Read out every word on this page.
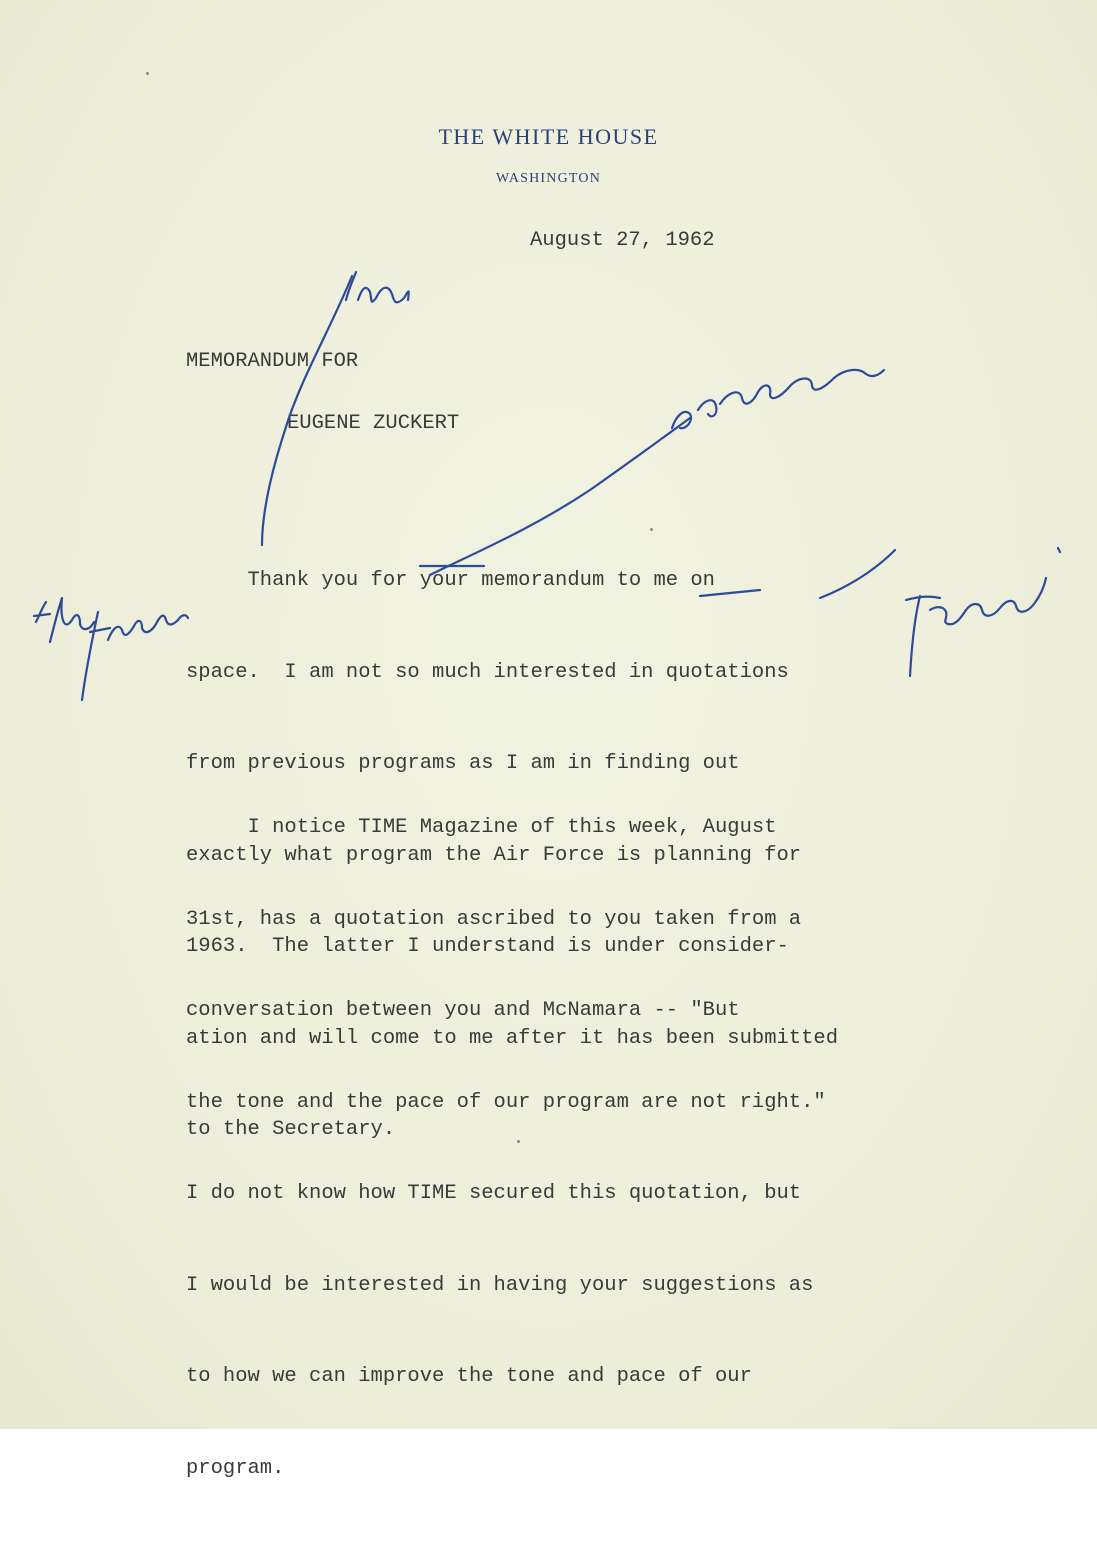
THE WHITE HOUSE
WASHINGTON
August 27, 1962
MEMORANDUM FOR
EUGENE ZUCKERT

Thank you for your memorandum to me on

space.  I am not so much interested in quotations

from previous programs as I am in finding out

exactly what program the Air Force is planning for

1963.  The latter I understand is under consider-

ation and will come to me after it has been submitted

to the Secretary.

I notice TIME Magazine of this week, August

31st, has a quotation ascribed to you taken from a

conversation between you and McNamara -- "But

the tone and the pace of our program are not right."

I do not know how TIME secured this quotation, but

I would be interested in having your suggestions as

to how we can improve the tone and pace of our

program.
